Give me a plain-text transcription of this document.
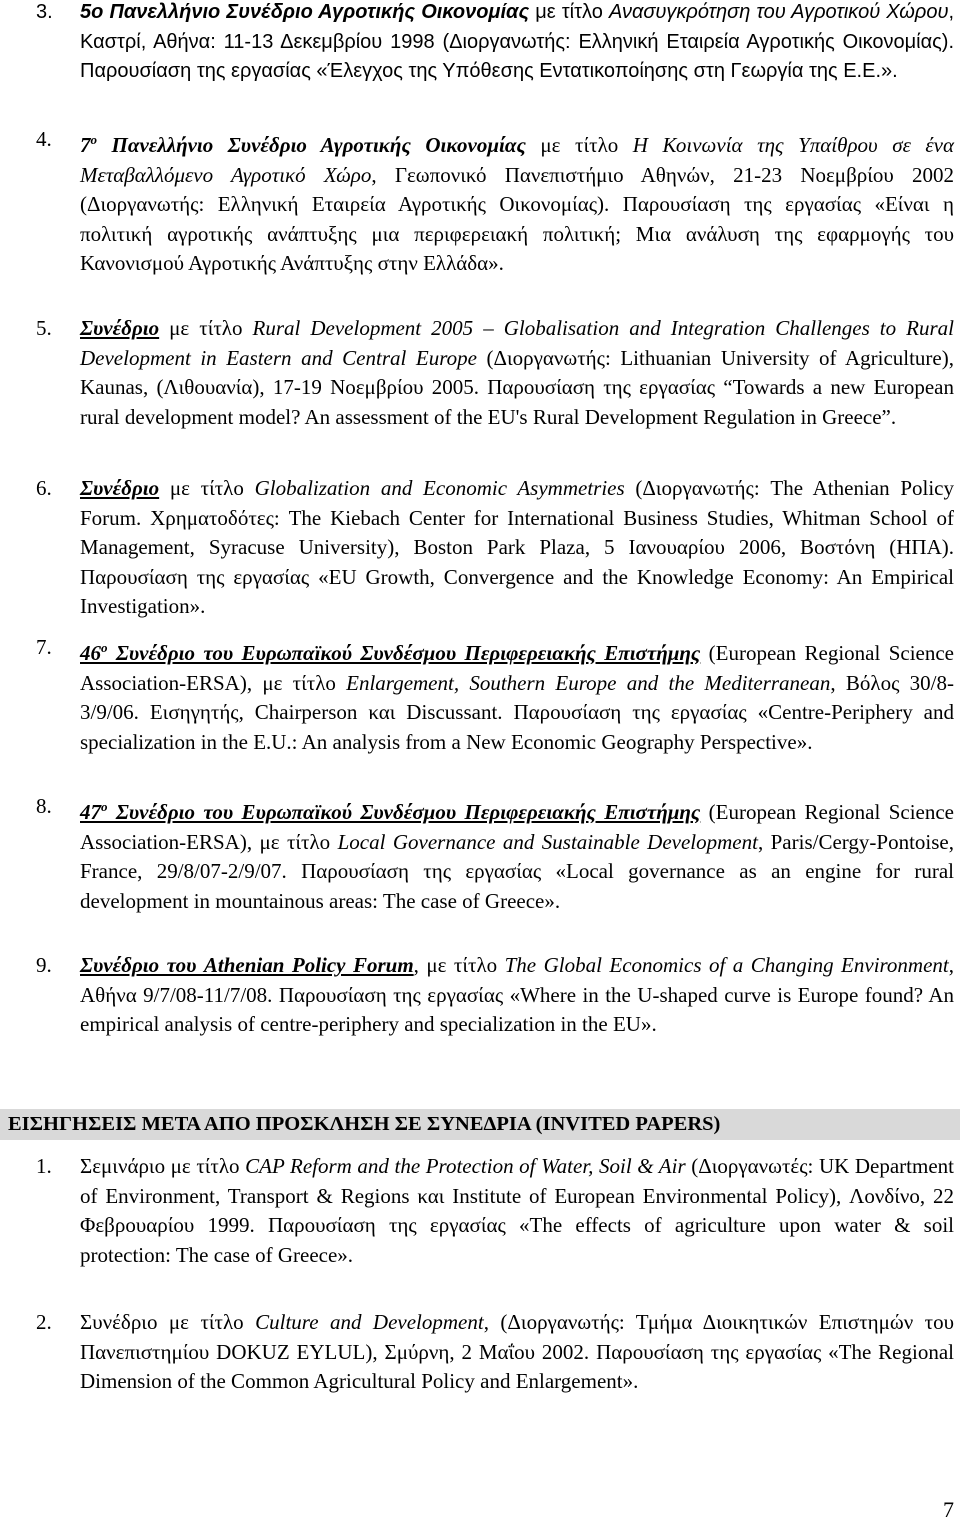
3. 5ο Πανελλήνιο Συνέδριο Αγροτικής Οικονομίας με τίτλο Ανασυγκρότηση του Αγροτικού Χώρου, Καστρί, Αθήνα: 11-13 Δεκεμβρίου 1998 (Διοργανωτής: Ελληνική Εταιρεία Αγροτικής Οικονομίας). Παρουσίαση της εργασίας «Έλεγχος της Υπόθεσης Εντατικοποίησης στη Γεωργία της Ε.Ε.».
4. $7^o$ Πανελλήνιο Συνέδριο Αγροτικής Οικονομίας με τίτλο Η Κοινωνία της Υπαίθρου σε ένα Μεταβαλλόμενο Αγροτικό Χώρο, Γεωπονικό Πανεπιστήμιο Αθηνών, 21-23 Νοεμβρίου 2002 (Διοργανωτής: Ελληνική Εταιρεία Αγροτικής Οικονομίας). Παρουσίαση της εργασίας «Είναι η πολιτική αγροτικής ανάπτυξης μια περιφερειακή πολιτική; Μια ανάλυση της εφαρμογής του Κανονισμού Αγροτικής Ανάπτυξης στην Ελλάδα».
5. Συνέδριο με τίτλο Rural Development 2005 – Globalisation and Integration Challenges to Rural Development in Eastern and Central Europe (Διοργανωτής: Lithuanian University of Agriculture), Kaunas, (Λιθουανία), 17-19 Νοεμβρίου 2005. Παρουσίαση της εργασίας “Towards a new European rural development model? An assessment of the EU's Rural Development Regulation in Greece”.
6. Συνέδριο με τίτλο Globalization and Economic Asymmetries (Διοργανωτής: The Athenian Policy Forum. Χρηματοδότες: The Kiebach Center for International Business Studies, Whitman School of Management, Syracuse University), Boston Park Plaza, 5 Ιανουαρίου 2006, Βοστόνη (ΗΠΑ). Παρουσίαση της εργασίας «EU Growth, Convergence and the Knowledge Economy: An Empirical Investigation».
7. $46^o$ Συνέδριο του Ευρωπαϊκού Συνδέσμου Περιφερειακής Επιστήμης (European Regional Science Association-ERSA), με τίτλο Enlargement, Southern Europe and the Mediterranean, Βόλος 30/8-3/9/06. Εισηγητής, Chairperson και Discussant. Παρουσίαση της εργασίας «Centre-Periphery and specialization in the E.U.: An analysis from a New Economic Geography Perspective».
8. $47^o$ Συνέδριο του Ευρωπαϊκού Συνδέσμου Περιφερειακής Επιστήμης (European Regional Science Association-ERSA), με τίτλο Local Governance and Sustainable Development, Paris/Cergy-Pontoise, France, 29/8/07-2/9/07. Παρουσίαση της εργασίας «Local governance as an engine for rural development in mountainous areas: The case of Greece».
9. Συνέδριο του Athenian Policy Forum, με τίτλο The Global Economics of a Changing Environment, Αθήνα 9/7/08-11/7/08. Παρουσίαση της εργασίας «Where in the U-shaped curve is Europe found? An empirical analysis of centre-periphery and specialization in the EU».
ΕΙΣΗΓΗΣΕΙΣ ΜΕΤΑ ΑΠΟ ΠΡΟΣΚΛΗΣΗ ΣΕ ΣΥΝΕΔΡΙΑ (INVITED PAPERS)
1. Σεμινάριο με τίτλο CAP Reform and the Protection of Water, Soil & Air (Διοργανωτές: UK Department of Environment, Transport & Regions και Institute of European Environmental Policy), Λονδίνο, 22 Φεβρουαρίου 1999. Παρουσίαση της εργασίας «The effects of agriculture upon water & soil protection: The case of Greece».
2. Συνέδριο με τίτλο Culture and Development, (Διοργανωτής: Τμήμα Διοικητικών Επιστημών του Πανεπιστημίου DOKUZ EYLUL), Σμύρνη, 2 Μαΐου 2002. Παρουσίαση της εργασίας «The Regional Dimension of the Common Agricultural Policy and Enlargement».
7
